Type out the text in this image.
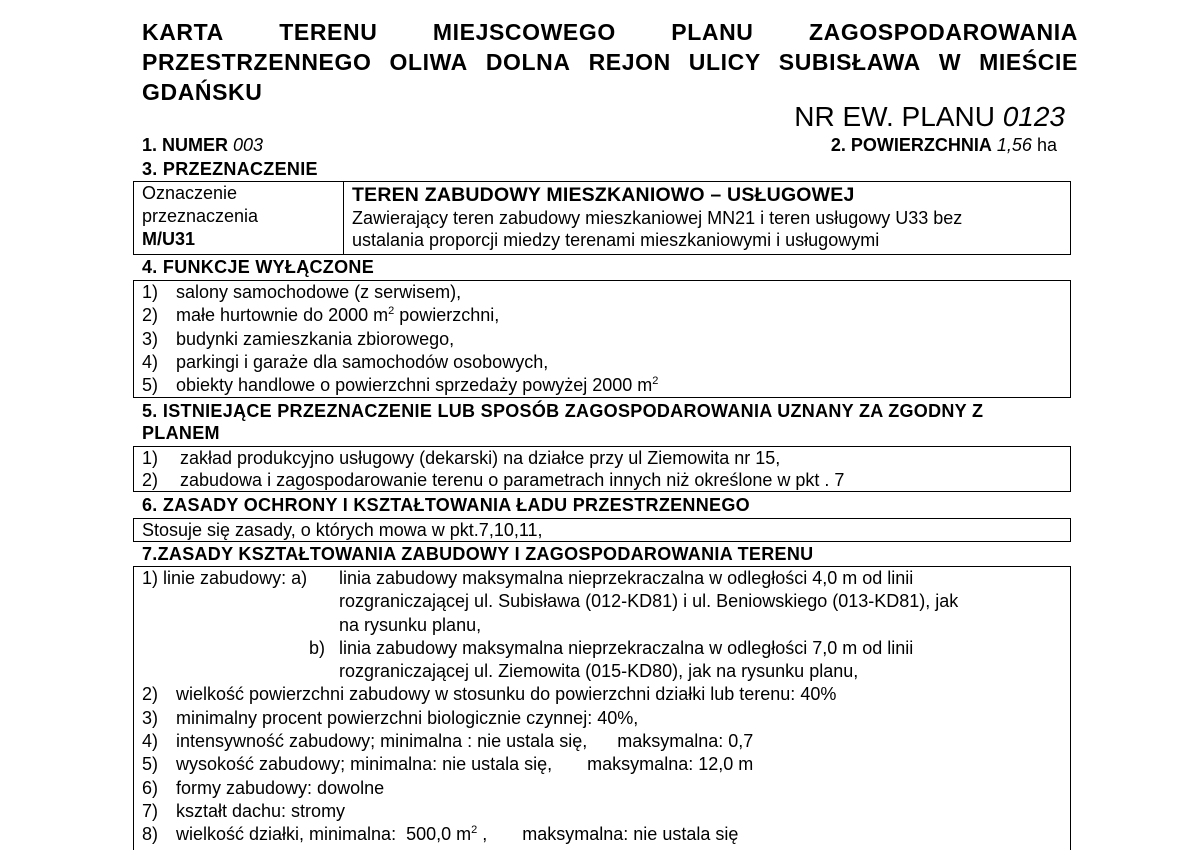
KARTA TERENU MIEJSCOWEGO PLANU ZAGOSPODAROWANIA
PRZESTRZENNEGO OLIWA DOLNA REJON ULICY SUBISŁAWA W MIEŚCIE
GDAŃSKU
NR EW. PLANU 0123
1. NUMER 003	2. POWIERZCHNIA 1,56 ha
3. PRZEZNACZENIE
Oznaczenie
przeznaczenia
M/U31
TEREN ZABUDOWY MIESZKANIOWO – USŁUGOWEJ
Zawierający teren zabudowy mieszkaniowej MN21 i teren usługowy U33 bez
ustalania proporcji miedzy terenami mieszkaniowymi i usługowymi
4. FUNKCJE WYŁĄCZONE
1) salony samochodowe (z serwisem),
2) małe hurtownie do 2000 $m^2$ powierzchni,
3) budynki zamieszkania zbiorowego,
4) parkingi i garaże dla samochodów osobowych,
5) obiekty handlowe o powierzchni sprzedaży powyżej 2000 $m^2$
5. ISTNIEJĄCE PRZEZNACZENIE LUB SPOSÓB ZAGOSPODAROWANIA UZNANY ZA ZGODNY Z
PLANEM
1) zakład produkcyjno usługowy (dekarski) na działce przy ul Ziemowita nr 15,
2) zabudowa i zagospodarowanie terenu o parametrach innych niż określone w pkt . 7
6. ZASADY OCHRONY I KSZTAŁTOWANIA ŁADU PRZESTRZENNEGO
Stosuje się zasady, o których mowa w pkt.7,10,11,
7.ZASADY KSZTAŁTOWANIA ZABUDOWY I ZAGOSPODAROWANIA TERENU
1) linie zabudowy: a) linia zabudowy maksymalna nieprzekraczalna w odległości 4,0 m od linii
rozgraniczającej ul. Subisława (012-KD81) i ul. Beniowskiego (013-KD81), jak
na rysunku planu,
b) linia zabudowy maksymalna nieprzekraczalna w odległości 7,0 m od linii
rozgraniczającej ul. Ziemowita (015-KD80), jak na rysunku planu,
2) wielkość powierzchni zabudowy w stosunku do powierzchni działki lub terenu: 40%
3) minimalny procent powierzchni biologicznie czynnej: 40%,
4) intensywność zabudowy; minimalna : nie ustala się,      maksymalna: 0,7
5) wysokość zabudowy; minimalna: nie ustala się,       maksymalna: 12,0 m
6) formy zabudowy: dowolne
7) kształt dachu: stromy
8) wielkość działki, minimalna:  500,0 $m^2$ ,       maksymalna: nie ustala się
